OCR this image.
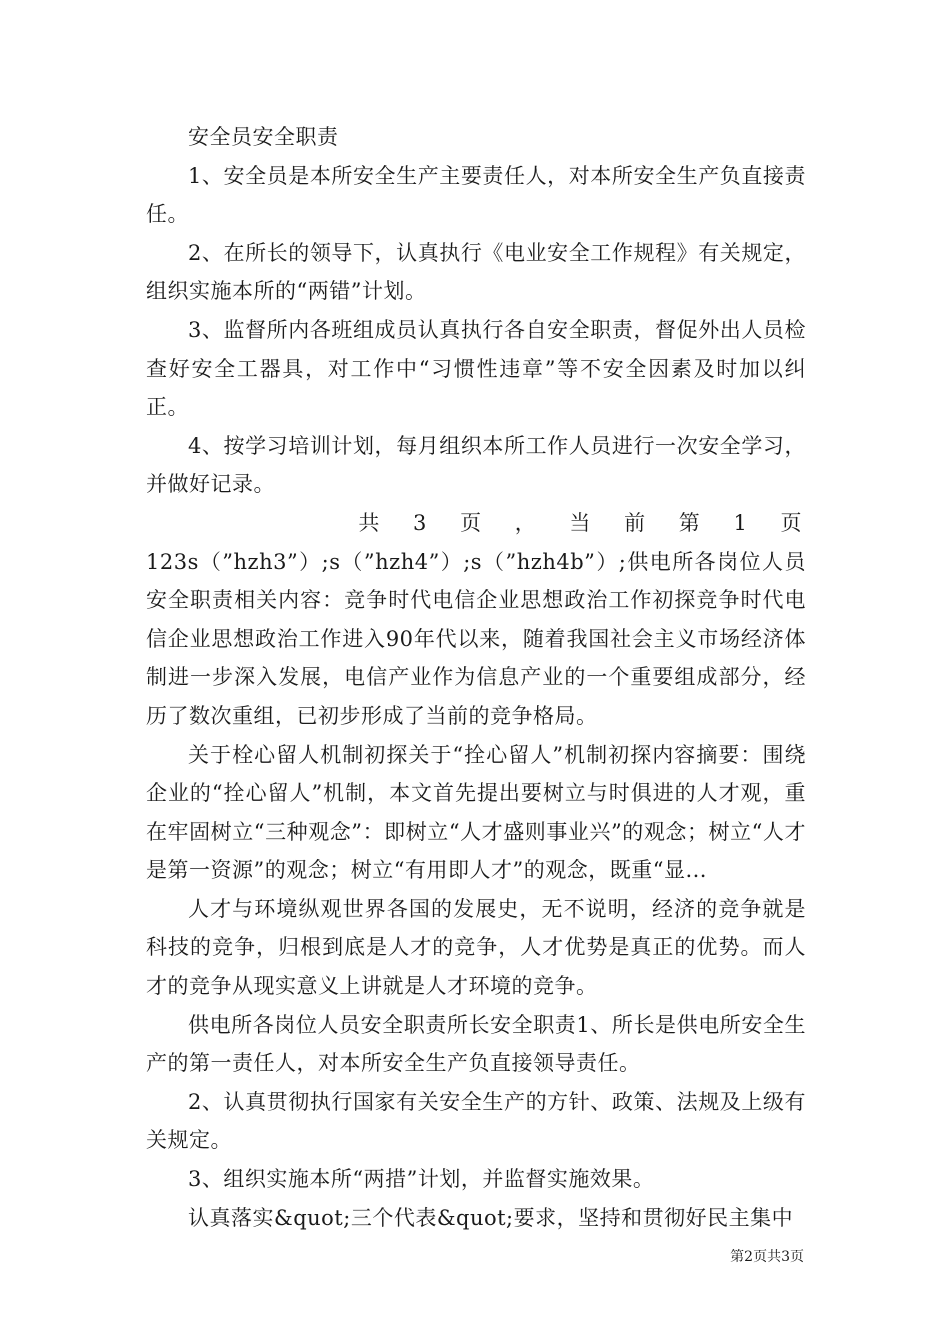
安全员安全职责

1、安全员是本所安全生产主要责任人，对本所安全生产负直接责任。

2、在所长的领导下，认真执行《电业安全工作规程》有关规定，组织实施本所的“两错”计划。

3、监督所内各班组成员认真执行各自安全职责，督促外出人员检查好安全工器具，对工作中“习惯性违章”等不安全因素及时加以纠正。

4、按学习培训计划，每月组织本所工作人员进行一次安全学习，并做好记录。

共 3 页 ， 当 前 第 1 页

123s（”hzh3”）;s（”hzh4”）;s（”hzh4b”）;供电所各岗位人员安全职责相关内容：竞争时代电信企业思想政治工作初探竞争时代电信企业思想政治工作进入90年代以来，随着我国社会主义市场经济体制进一步深入发展，电信产业作为信息产业的一个重要组成部分，经历了数次重组，已初步形成了当前的竞争格局。

关于栓心留人机制初探关于“拴心留人”机制初探内容摘要：围绕企业的“拴心留人”机制，本文首先提出要树立与时俱进的人才观，重在牢固树立“三种观念”：即树立“人才盛则事业兴”的观念；树立“人才是第一资源”的观念；树立“有用即人才”的观念，既重“显...

人才与环境纵观世界各国的发展史，无不说明，经济的竞争就是科技的竞争，归根到底是人才的竞争，人才优势是真正的优势。而人才的竞争从现实意义上讲就是人才环境的竞争。

供电所各岗位人员安全职责所长安全职责1、所长是供电所安全生产的第一责任人，对本所安全生产负直接领导责任。

2、认真贯彻执行国家有关安全生产的方针、政策、法规及上级有关规定。

3、组织实施本所“两措”计划，并监督实施效果。

认真落实&quot;三个代表&quot;要求，坚持和贯彻好民主集中

第2页共3页
